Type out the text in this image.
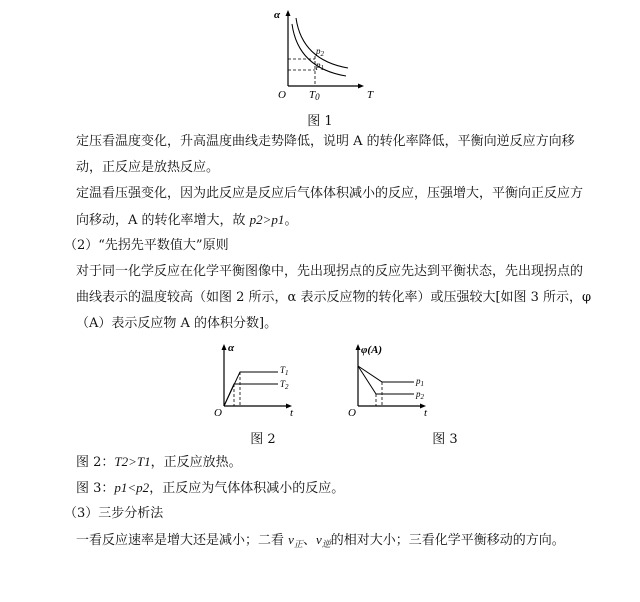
α
T
O T0
$p_2$
$p_1$
图 1
定压看温度变化，升高温度曲线走势降低，说明 A 的转化率降低，平衡向逆反应方向移
动，正反应是放热反应。
定温看压强变化，因为此反应是反应后气体体积减小的反应，压强增大，平衡向正反应方
向移动，A 的转化率增大，故 p2>p1。
（2）“先拐先平数值大”原则
对于同一化学反应在化学平衡图像中，先出现拐点的反应先达到平衡状态，先出现拐点的
曲线表示的温度较高（如图 2 所示，α 表示反应物的转化率）或压强较大[如图 3 所示，φ
（A）表示反应物 A 的体积分数]。
α
t
O
$T_1$
$T_2$
图 2
φ(A)
t
O
$p_1$
$p_2$
图 3
图 2：T2>T1，正反应放热。
图 3：p1<p2，正反应为气体体积减小的反应。
（3）三步分析法
一看反应速率是增大还是减小；二看 $v_正$、$v_逆$的相对大小；三看化学平衡移动的方向。
